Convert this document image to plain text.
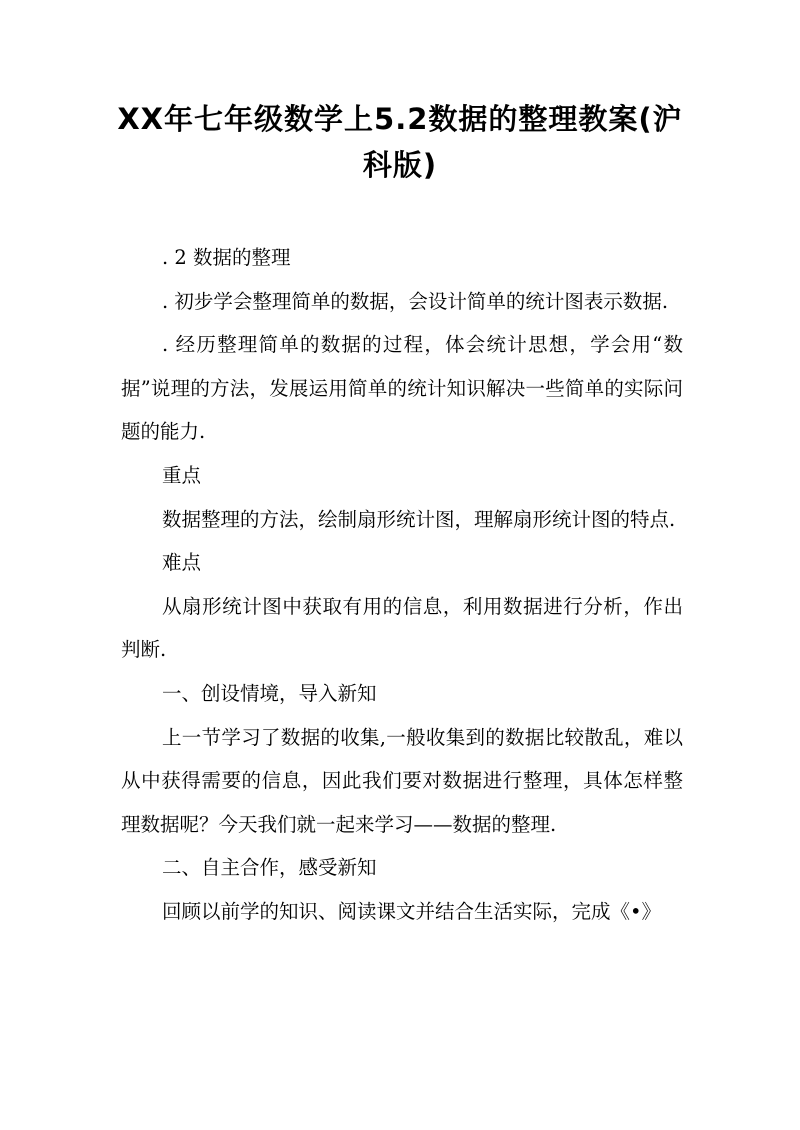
XX年七年级数学上5.2数据的整理教案(沪
科版)

. 2 数据的整理

. 初步学会整理简单的数据，会设计简单的统计图表示数据.

. 经历整理简单的数据的过程，体会统计思想，学会用“数据”说理的方法，发展运用简单的统计知识解决一些简单的实际问题的能力.

重点

数据整理的方法，绘制扇形统计图，理解扇形统计图的特点.

难点

从扇形统计图中获取有用的信息，利用数据进行分析，作出判断.

一、创设情境，导入新知

上一节学习了数据的收集,一般收集到的数据比较散乱，难以从中获得需要的信息，因此我们要对数据进行整理，具体怎样整理数据呢？今天我们就一起来学习——数据的整理.

二、自主合作，感受新知

回顾以前学的知识、阅读课文并结合生活实际，完成《•》
